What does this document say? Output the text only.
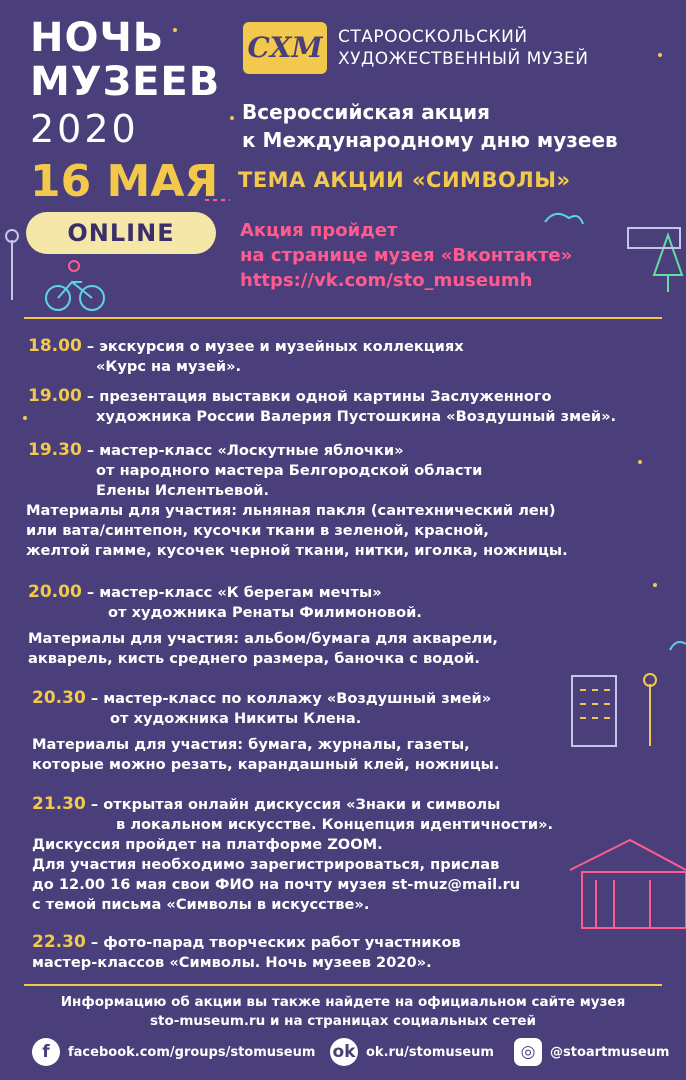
НОЧЬ
МУЗЕЕВ
2020
16 МАЯ
ONLINE
СХМ СТАРООСКОЛЬСКИЙ
ХУДОЖЕСТВЕННЫЙ МУЗЕЙ
Всероссийская акция
к Международному дню музеев
ТЕМА АКЦИИ «СИМВОЛЫ»
Акция пройдет
на странице музея «Вконтакте»
https://vk.com/sto_museumh
18.00 – экскурсия о музее и музейных коллекциях
«Курс на музей».
19.00 – презентация выставки одной картины Заслуженного
художника России Валерия Пустошкина «Воздушный змей».
19.30 – мастер-класс «Лоскутные яблочки»
от народного мастера Белгородской области
Елены Ислентьевой.
Материалы для участия: льняная пакля (сантехнический лен)
или вата/синтепон, кусочки ткани в зеленой, красной,
желтой гамме, кусочек черной ткани, нитки, иголка, ножницы.
20.00 – мастер-класс «К берегам мечты»
от художника Ренаты Филимоновой.
Материалы для участия: альбом/бумага для акварели,
акварель, кисть среднего размера, баночка с водой.
20.30 – мастер-класс по коллажу «Воздушный змей»
от художника Никиты Клена.
Материалы для участия: бумага, журналы, газеты,
которые можно резать, карандашный клей, ножницы.
21.30 – открытая онлайн дискуссия «Знаки и символы
в локальном искусстве. Концепция идентичности».
Дискуссия пройдет на платформе ZOOM.
Для участия необходимо зарегистрироваться, прислав
до 12.00 16 мая свои ФИО на почту музея st-muz@mail.ru
с темой письма «Символы в искусстве».
22.30 – фото-парад творческих работ участников
мастер-классов «Символы. Ночь музеев 2020».
Информацию об акции вы также найдете на официальном сайте музея
sto-museum.ru и на страницах социальных сетей
f	facebook.com/groups/stomuseum ok ok.ru/stomuseum	◎	@stoartmuseum
